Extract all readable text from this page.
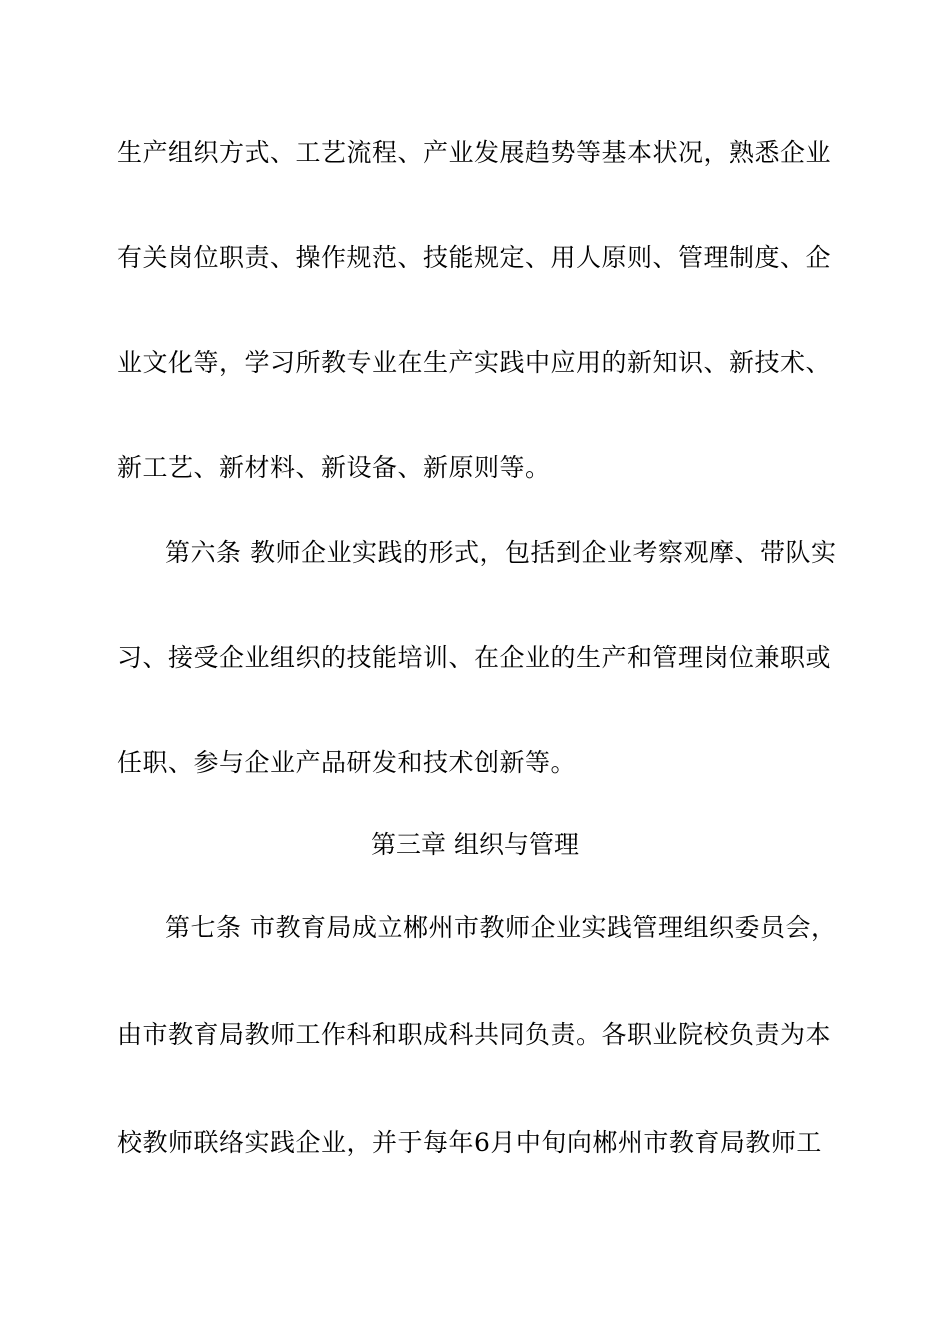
生产组织方式、工艺流程、产业发展趋势等基本状况，熟悉企业
有关岗位职责、操作规范、技能规定、用人原则、管理制度、企
业文化等，学习所教专业在生产实践中应用的新知识、新技术、
新工艺、新材料、新设备、新原则等。
第六条 教师企业实践的形式，包括到企业考察观摩、带队实
习、接受企业组织的技能培训、在企业的生产和管理岗位兼职或
任职、参与企业产品研发和技术创新等。
第三章 组织与管理
第七条 市教育局成立郴州市教师企业实践管理组织委员会，
由市教育局教师工作科和职成科共同负责。各职业院校负责为本
校教师联络实践企业，并于每年6月中旬向郴州市教育局教师工
